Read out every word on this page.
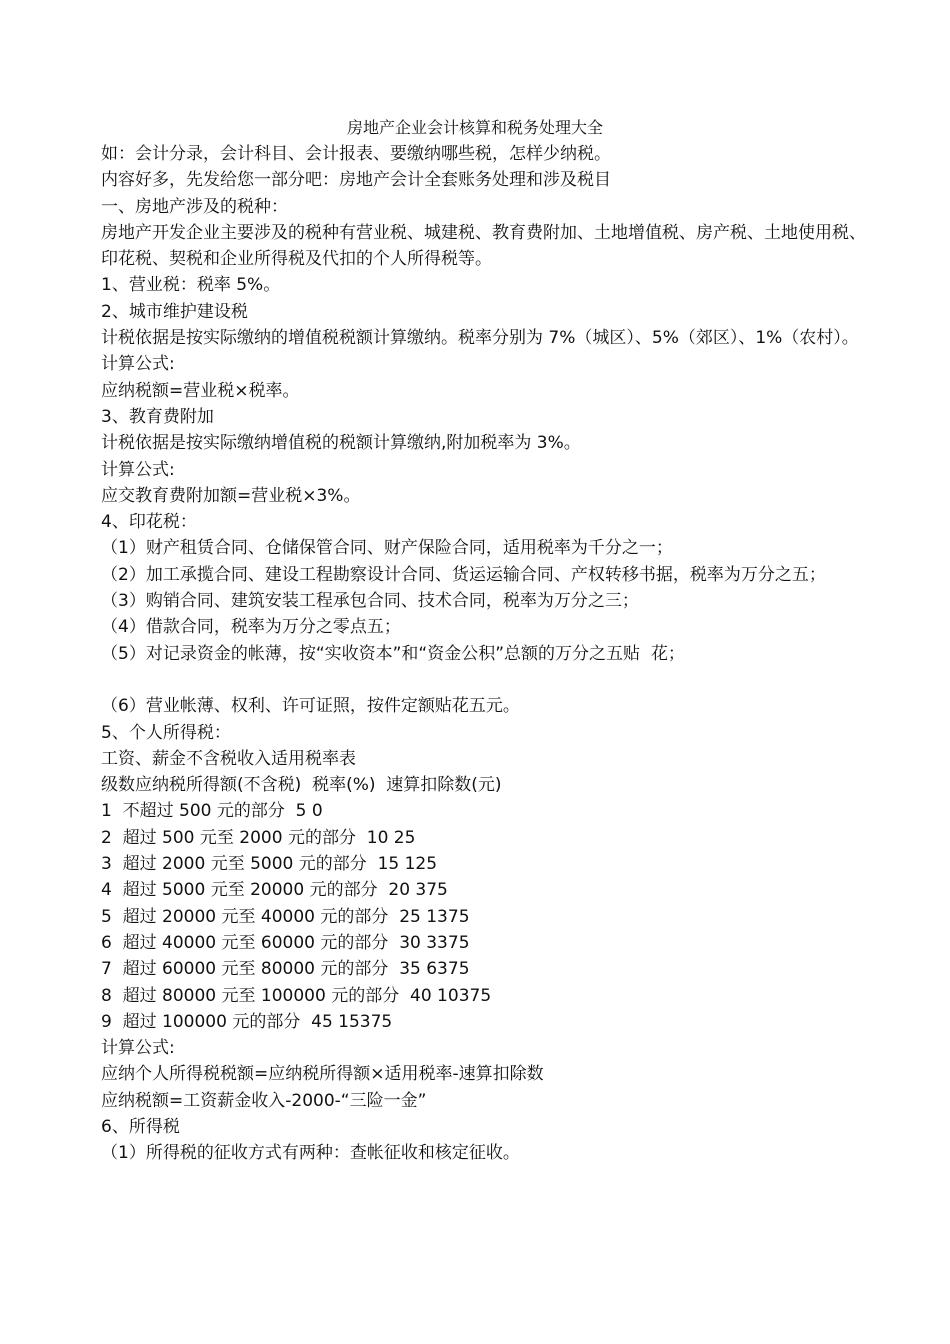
房地产企业会计核算和税务处理大全
如：会计分录，会计科目、会计报表、要缴纳哪些税，怎样少纳税。
内容好多，先发给您一部分吧：房地产会计全套账务处理和涉及税目
一、房地产涉及的税种：
房地产开发企业主要涉及的税种有营业税、城建税、教育费附加、土地增值税、房产税、土地使用税、印花税、契税和企业所得税及代扣的个人所得税等。
1、营业税：税率 5%。
2、城市维护建设税
计税依据是按实际缴纳的增值税税额计算缴纳。税率分别为 7%（城区）、5%（郊区）、1%（农村）。
计算公式:
应纳税额=营业税×税率。
3、教育费附加
计税依据是按实际缴纳增值税的税额计算缴纳,附加税率为 3%。
计算公式:
应交教育费附加额=营业税×3%。
4、印花税：
（1）财产租赁合同、仓储保管合同、财产保险合同，适用税率为千分之一；
（2）加工承揽合同、建设工程勘察设计合同、货运运输合同、产权转移书据，税率为万分之五；
（3）购销合同、建筑安装工程承包合同、技术合同，税率为万分之三；
（4）借款合同，税率为万分之零点五；
（5）对记录资金的帐薄，按“实收资本”和“资金公积”总额的万分之五贴  花；
（6）营业帐薄、权利、许可证照，按件定额贴花五元。
5、个人所得税：
工资、薪金不含税收入适用税率表
级数应纳税所得额(不含税)  税率(%)  速算扣除数(元)
1  不超过 500 元的部分  5 0
2  超过 500 元至 2000 元的部分  10 25
3  超过 2000 元至 5000 元的部分  15 125
4  超过 5000 元至 20000 元的部分  20 375
5  超过 20000 元至 40000 元的部分  25 1375
6  超过 40000 元至 60000 元的部分  30 3375
7  超过 60000 元至 80000 元的部分  35 6375
8  超过 80000 元至 100000 元的部分  40 10375
9  超过 100000 元的部分  45 15375
计算公式:
应纳个人所得税税额=应纳税所得额×适用税率-速算扣除数
应纳税额=工资薪金收入-2000-“三险一金”
6、所得税
（1）所得税的征收方式有两种：查帐征收和核定征收。
